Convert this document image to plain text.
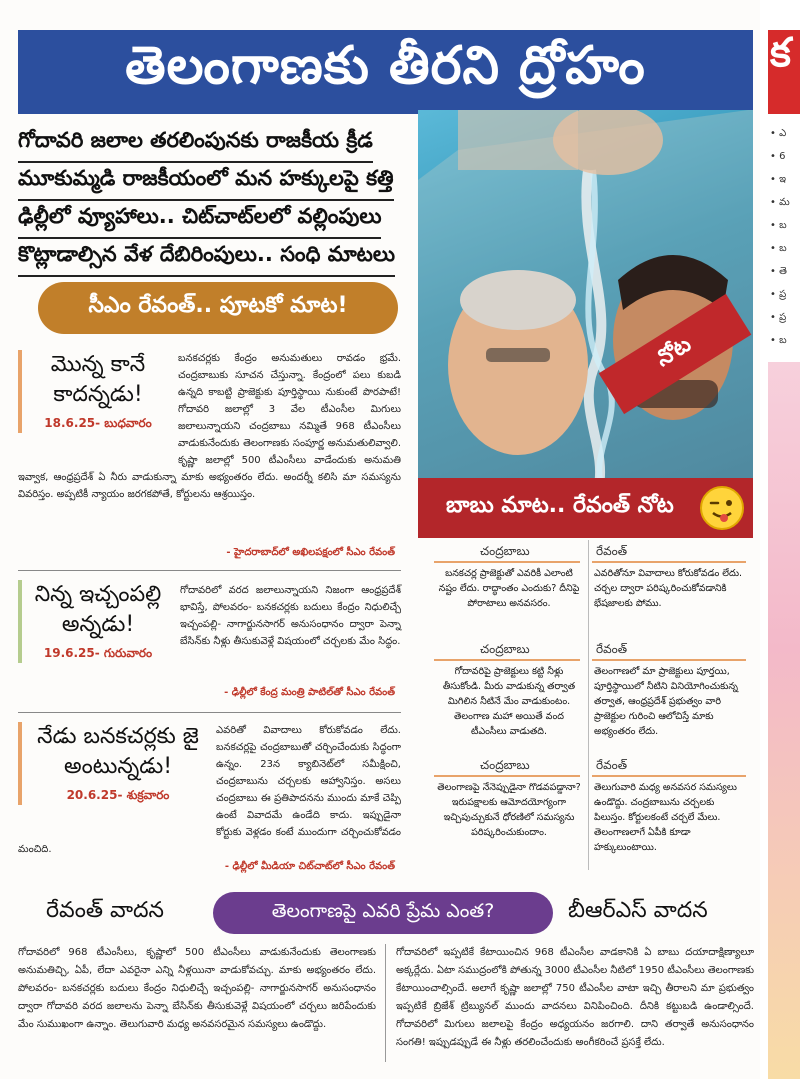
తెలంగాణకు తీరని ద్రోహం
గోదావరి జలాల తరలింపునకు రాజకీయ క్రీడ
మూకుమ్మడి రాజకీయంలో మన హక్కులపై కత్తి
ఢిల్లీలో వ్యూహాలు.. చిట్‌చాట్‌లలో వల్లింపులు
కొట్లాడాల్సిన వేళ దేబిరింపులు.. సంధి మాటలు
సీఎం రేవంత్‌.. పూటకో మాట!
మొన్న కానే కాదన్నడు!
18.6.25- బుధవారం
బనకచర్లకు కేంద్రం అనుమతులు రావడం భ్రమే. చంద్రబాబుకు సూచన చేస్తున్నా. కేంద్రంలో పలు కుబడి ఉన్నది కాబట్టి ప్రాజెక్టుకు పూర్తిస్థాయి నుకుంటే పొరపాటే! గోదావరి జలాల్లో 3 వేల టీఎంసీల మిగులు జలాలున్నాయని చంద్రబాబు నమ్మితే 968 టీఎంసీలు వాడుకునేందుకు తెలంగాణకు సంపూర్ణ అనుమతులివ్వాలి. కృష్ణా జలాల్లో 500 టీఎంసీలు వాడేందుకు అనుమతి ఇవ్వాక, ఆంధ్రప్రదేశ్‌ ఏ నీరు వాడుకున్నా మాకు అభ్యంతరం లేదు. అందర్నీ కలిసి మా సమస్యను వివరిస్తం. అప్పటికీ న్యాయం జరగకపోతే, కోర్టులను ఆశ్రయిస్తం.
- హైదరాబాద్‌లో అఖిలపక్షంలో సీఎం రేవంత్‌
నిన్న ఇచ్చంపల్లి అన్నడు!
19.6.25- గురువారం
గోదావరిలో వరద జలాలున్నాయని నిజంగా ఆంధ్రప్రదేశ్‌ భావిస్తే, పోలవరం- బనకచర్లకు బదులు కేంద్రం నిధులిచ్చే ఇచ్చంపల్లి- నాగార్జునసాగర్‌ అనుసంధానం ద్వారా పెన్నా బేసిన్‌కు నీళ్లు తీసుకువెళ్లే విషయంలో చర్చలకు మేం సిద్ధం.
- ఢిల్లీలో కేంద్ర మంత్రి పాటిల్‌తో సీఎం రేవంత్‌
నేడు బనకచర్లకు జై అంటున్నడు!
20.6.25- శుక్రవారం
ఎవరితో వివాదాలు కోరుకోవడం లేదు. బనకచర్లపై చంద్రబాబుతో చర్చించేందుకు సిద్ధంగా ఉన్నం. 23న క్యాబినెట్‌లో సమీక్షించి, చంద్రబాబును చర్చలకు ఆహ్వానిస్తం. అసలు చంద్రబాబు ఈ ప్రతిపాదనను ముందు మాకే చెప్పి ఉంటే వివాదమే ఉండేది కాదు. ఇప్పుడైనా కోర్టుకు వెళ్లడం కంటే ముందుగా చర్చించుకోవడం మంచిది.
- ఢిల్లీలో మీడియా చిట్‌చాట్‌లో సీఎం రేవంత్‌
నోట
బాబు మాట.. రేవంత్‌ నోట
చంద్రబాబు	రేవంత్‌
బనకచర్ల ప్రాజెక్టుతో ఎవరికీ ఎలాంటి నష్టం లేదు. రాద్ధాంతం ఎందుకు? దీనిపై పోరాటాలు అనవసరం.
ఎవరితోనూ వివాదాలు కోరుకోవడం లేదు. చర్చల ద్వారా పరిష్కరించుకోవడానికి భేషజాలకు పోము.
చంద్రబాబు	రేవంత్‌
గోదావరిపై ప్రాజెక్టులు కట్టి నీళ్లు తీసుకోండి. మీరు వాడుకున్న తర్వాత మిగిలిన నీటినే మేం వాడుకుంటం. తెలంగాణ మహా అయితే వంద టీఎంసీలు వాడుతది.
తెలంగాణలో మా ప్రాజెక్టులు పూర్తయి, పూర్తిస్థాయిలో నీటిని వినియోగించుకున్న తర్వాత, ఆంధ్రప్రదేశ్‌ ప్రభుత్వం వారి ప్రాజెక్టుల గురించి ఆలోచిస్తే మాకు అభ్యంతరం లేదు.
చంద్రబాబు	రేవంత్‌
తెలంగాణపై నేనెప్పుడైనా గొడవపడ్డానా? ఇరుపక్షాలకు ఆమోదయోగ్యంగా ఇచ్చిపుచ్చుకునే ధోరణిలో సమస్యను పరిష్కరించుకుందాం.
తెలుగువారి మధ్య అనవసర సమస్యలు ఉండొద్దు. చంద్రబాబును చర్చలకు పిలుస్తం. కోర్టులకంటే చర్చలే మేలు. తెలంగాణలాగే ఏపీకి కూడా హక్కులుంటాయి.
రేవంత్‌ వాదన	తెలంగాణపై ఎవరి ప్రేమ ఎంత?	బీఆర్‌ఎస్‌ వాదన
గోదావరిలో 968 టీఎంసీలు, కృష్ణాలో 500 టీఎంసీలు వాడుకునేందుకు తెలంగాణకు అనుమతిచ్చి, ఏపీ, లేదా ఎవరైనా ఎన్ని నీళ్లయినా వాడుకోవచ్చు. మాకు అభ్యంతరం లేదు. పోలవరం- బనకచర్లకు బదులు కేంద్రం నిధులిచ్చే ఇచ్చంపల్లి- నాగార్జునసాగర్‌ అనుసంధానం ద్వారా గోదావరి వరద జలాలను పెన్నా బేసిన్‌కు తీసుకువెళ్లే విషయంలో చర్చలు జరిపేందుకు మేం సుముఖంగా ఉన్నాం. తెలుగువారి మధ్య అనవసరమైన సమస్యలు ఉండొద్దు.
గోదావరిలో ఇప్పటికే కేటాయించిన 968 టీఎంసీల వాడకానికి ఏ బాబు దయాదాక్షిణ్యాలూ అక్కర్లేదు. ఏటా సముద్రంలోకి పోతున్న 3000 టీఎంసీల నీటిలో 1950 టీఎంసీలు తెలంగాణకు కేటాయించాల్సిందే. అలాగే కృష్ణా జలాల్లో 750 టీఎంసీల వాటా ఇచ్చి తీరాలని మా ప్రభుత్వం ఇప్పటికే బ్రిజేశ్‌ ట్రిబ్యునల్‌ ముందు వాదనలు వినిపించింది. దీనికి కట్టుబడి ఉండాల్సిందే. గోదావరిలో మిగులు జలాలపై కేంద్రం అధ్యయనం జరగాలి. దాని తర్వాతే అనుసంధానం సంగతి! ఇప్పుడప్పుడే ఈ నీళ్లు తరలించేందుకు అంగీకరించే ప్రసక్తే లేదు.
క
• ఎ
• 6
• ఇ
• మ
• బ
• బ
• తె
• ప్ర
• ప్ర
• బ
